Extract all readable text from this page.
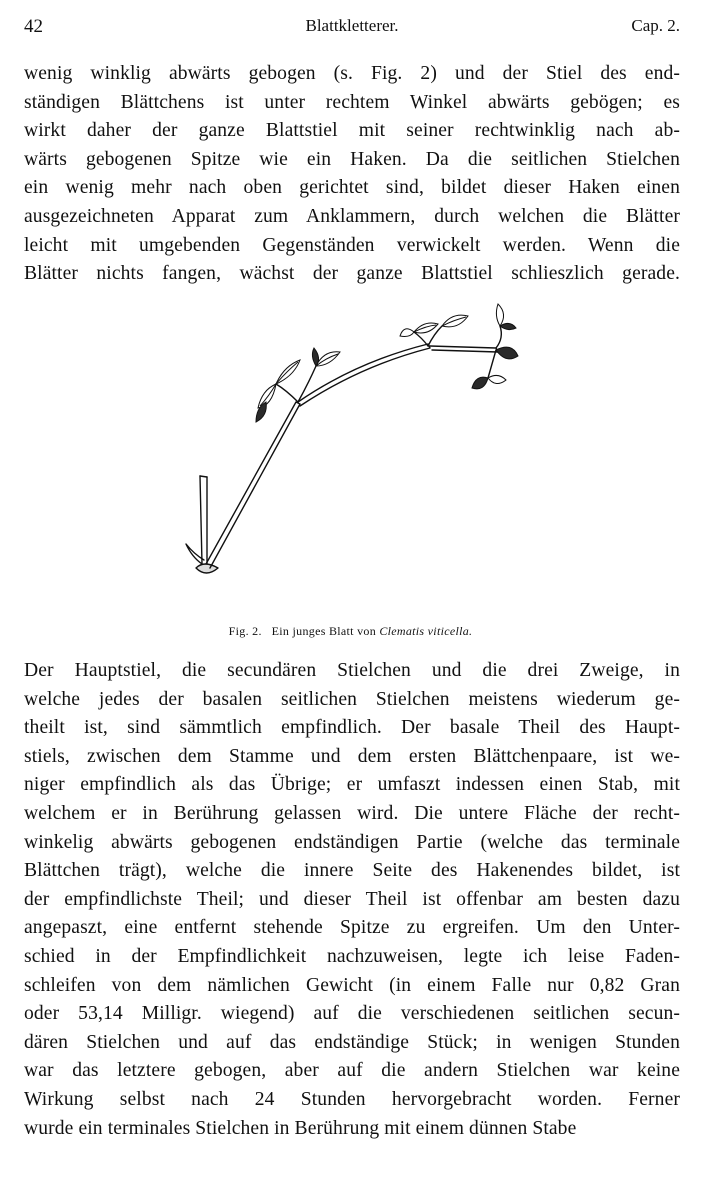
42	Blattkletterer.	Cap. 2.
wenig winklig abwärts gebogen (s. Fig. 2) und der Stiel des end-
ständigen Blättchens ist unter rechtem Winkel abwärts gebögen; es
wirkt daher der ganze Blattstiel mit seiner rechtwinklig nach ab-
wärts gebogenen Spitze wie ein Haken. Da die seitlichen Stielchen
ein wenig mehr nach oben gerichtet sind, bildet dieser Haken einen
ausgezeichneten Apparat zum Anklammern, durch welchen die Blätter
leicht mit umgebenden Gegenständen verwickelt werden. Wenn die
Blätter nichts fangen, wächst der ganze Blattstiel schlieszlich gerade.
Fig. 2. Ein junges Blatt von Clematis viticella.
Der Hauptstiel, die secundären Stielchen und die drei Zweige, in
welche jedes der basalen seitlichen Stielchen meistens wiederum ge-
theilt ist, sind sämmtlich empfindlich. Der basale Theil des Haupt-
stiels, zwischen dem Stamme und dem ersten Blättchenpaare, ist we-
niger empfindlich als das Übrige; er umfaszt indessen einen Stab, mit
welchem er in Berührung gelassen wird. Die untere Fläche der recht-
winkelig abwärts gebogenen endständigen Partie (welche das terminale
Blättchen trägt), welche die innere Seite des Hakenendes bildet, ist
der empfindlichste Theil; und dieser Theil ist offenbar am besten dazu
angepaszt, eine entfernt stehende Spitze zu ergreifen. Um den Unter-
schied in der Empfindlichkeit nachzuweisen, legte ich leise Faden-
schleifen von dem nämlichen Gewicht (in einem Falle nur 0,82 Gran
oder 53,14 Milligr. wiegend) auf die verschiedenen seitlichen secun-
dären Stielchen und auf das endständige Stück; in wenigen Stunden
war das letztere gebogen, aber auf die andern Stielchen war keine
Wirkung selbst nach 24 Stunden hervorgebracht worden. Ferner
wurde ein terminales Stielchen in Berührung mit einem dünnen Stabe
